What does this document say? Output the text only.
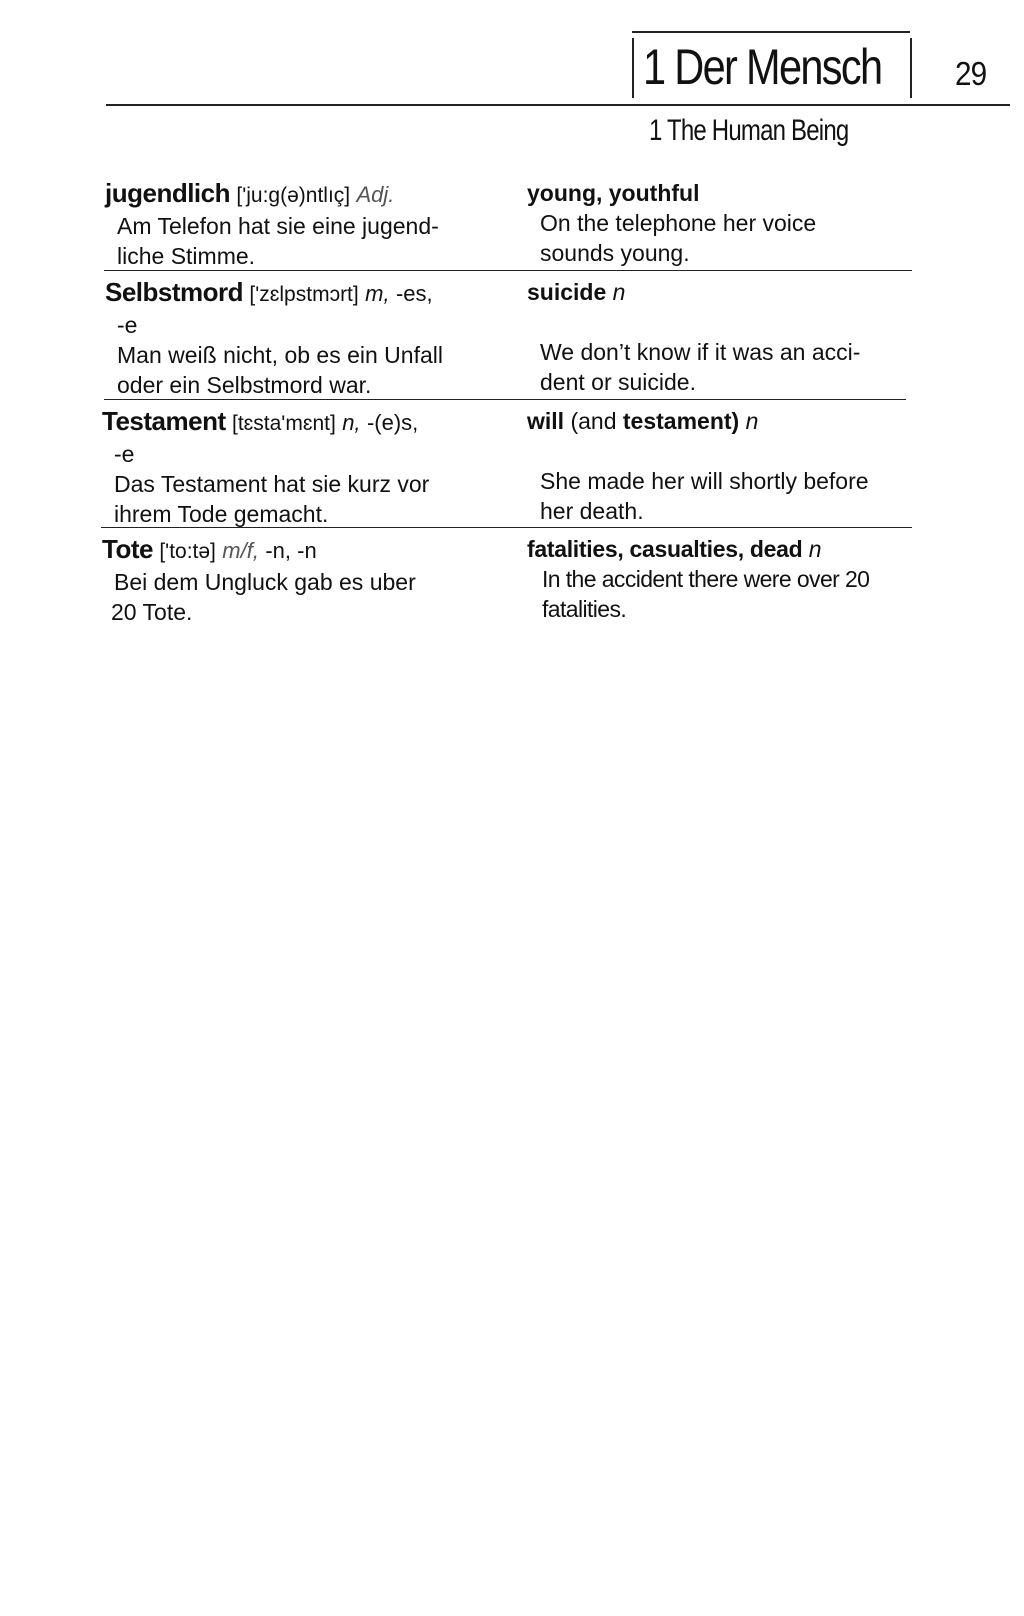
1 Der Mensch 29
1 The Human Being
jugendlich ['ju:g(ə)ntlıç] Adj.
Am Telefon hat sie eine jugend-
liche Stimme.
young, youthful
On the telephone her voice
sounds young.
Selbstmord ['zɛlpstmɔrt] m, -es,
-e
Man weiß nicht, ob es ein Unfall
oder ein Selbstmord war.
suicide n
We don’t know if it was an acci-
dent or suicide.
Testament [tɛsta'mɛnt] n, -(e)s,
-e
Das Testament hat sie kurz vor
ihrem Tode gemacht.
will (and testament) n
She made her will shortly before
her death.
Tote ['to:tə] m/f, -n, -n
Bei dem Ungluck gab es uber
20 Tote.
fatalities, casualties, dead n
In the accident there were over 20
fatalities.
